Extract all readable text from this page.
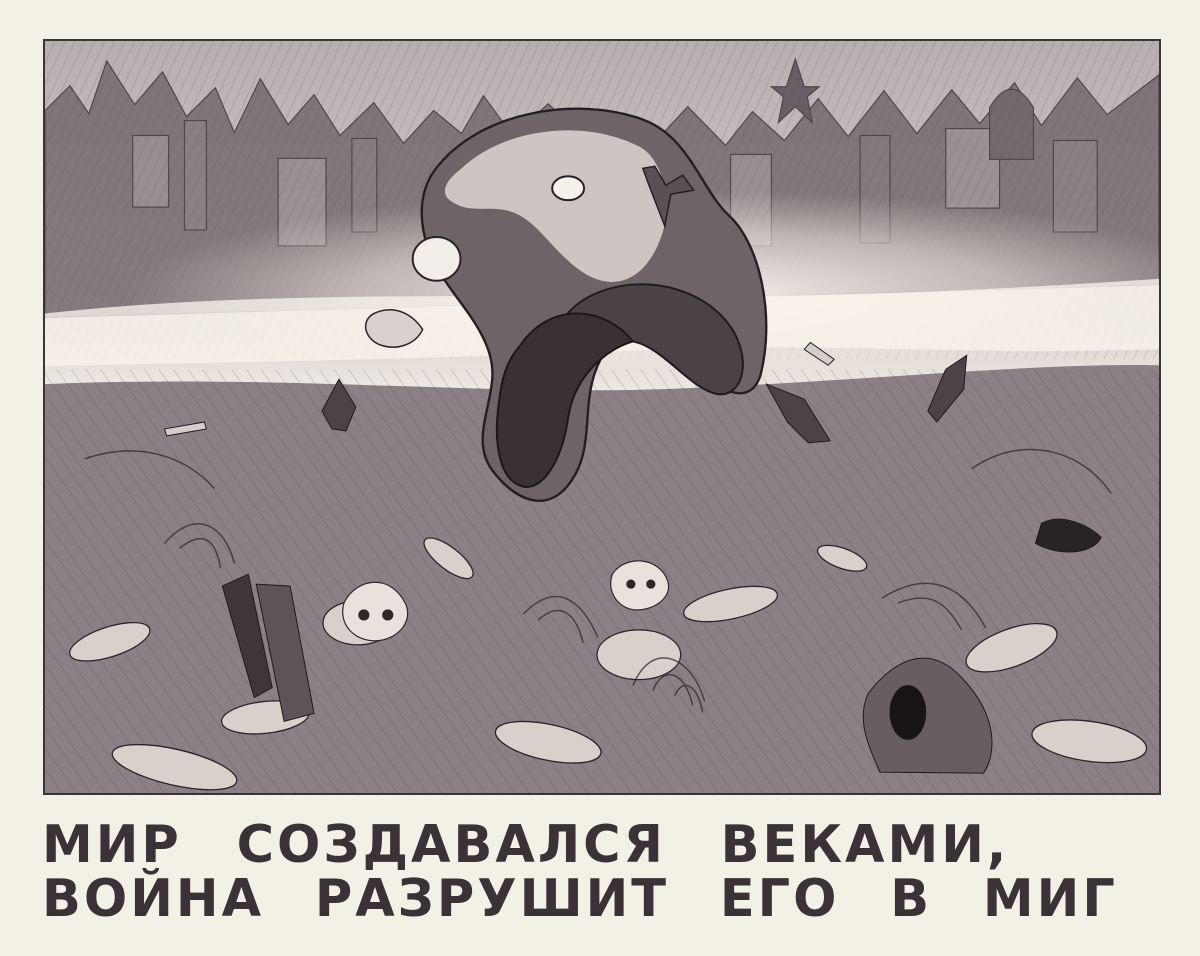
МИР СОЗДАВАЛСЯ ВЕКАМИ,
ВОЙНА РАЗРУШИТ ЕГО В МИГ
